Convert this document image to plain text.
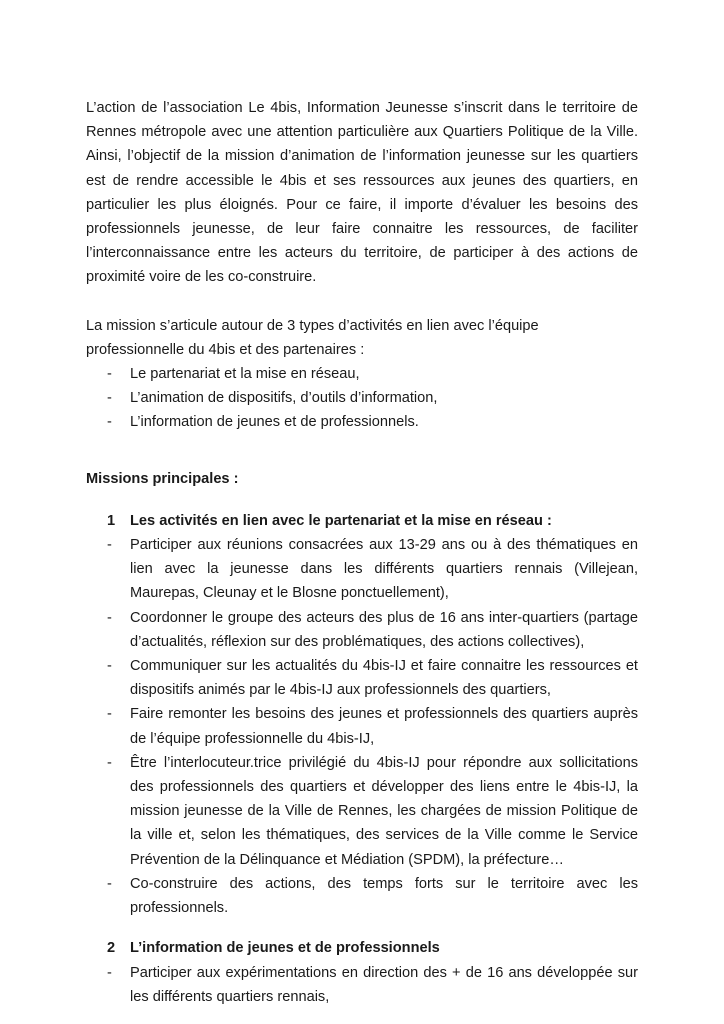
L’action de l’association Le 4bis, Information Jeunesse s’inscrit dans le territoire de Rennes métropole avec une attention particulière aux Quartiers Politique de la Ville. Ainsi, l’objectif de la mission d’animation de l’information jeunesse sur les quartiers est de rendre accessible le 4bis et ses ressources aux jeunes des quartiers, en particulier les plus éloignés. Pour ce faire, il importe d’évaluer les besoins des professionnels jeunesse, de leur faire connaitre les ressources, de faciliter l’interconnaissance entre les acteurs du territoire, de participer à des actions de proximité voire de les co-construire.

La mission s’articule autour de 3 types d’activités en lien avec l’équipe professionnelle du 4bis et des partenaires :

- Le partenariat et la mise en réseau,
- L’animation de dispositifs, d’outils d’information,
- L’information de jeunes et de professionnels.

Missions principales :

1 Les activités en lien avec le partenariat et la mise en réseau :
- Participer aux réunions consacrées aux 13-29 ans ou à des thématiques en lien avec la jeunesse dans les différents quartiers rennais (Villejean, Maurepas, Cleunay et le Blosne ponctuellement),
- Coordonner le groupe des acteurs des plus de 16 ans inter-quartiers (partage d’actualités, réflexion sur des problématiques, des actions collectives),
- Communiquer sur les actualités du 4bis-IJ et faire connaitre les ressources et dispositifs animés par le 4bis-IJ aux professionnels des quartiers,
- Faire remonter les besoins des jeunes et professionnels des quartiers auprès de l’équipe professionnelle du 4bis-IJ,
- Être l’interlocuteur.trice privilégié du 4bis-IJ pour répondre aux sollicitations des professionnels des quartiers et développer des liens entre le 4bis-IJ, la mission jeunesse de la Ville de Rennes, les chargées de mission Politique de la ville et, selon les thématiques, des services de la Ville comme le Service Prévention de la Délinquance et Médiation (SPDM), la préfecture…
- Co-construire des actions, des temps forts sur le territoire avec les professionnels.
2 L’information de jeunes et de professionnels
- Participer aux expérimentations en direction des + de 16 ans développée sur les différents quartiers rennais,
